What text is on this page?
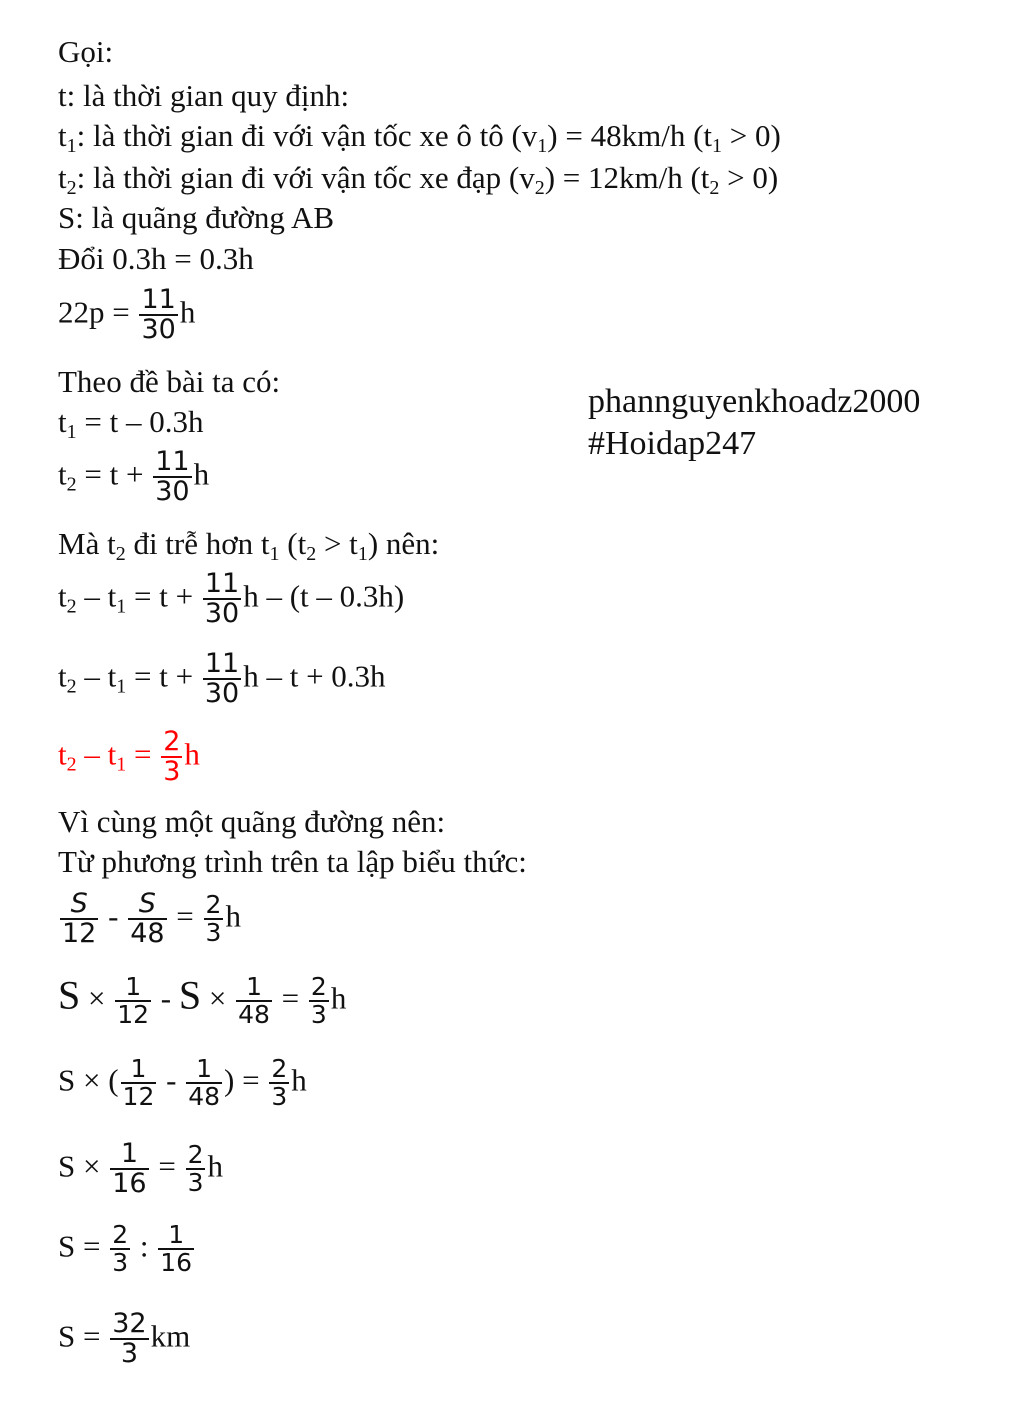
phannguyenkhoadz2000
#Hoidap247
Gọi:
t: là thời gian quy định:
$t_1$: là thời gian đi với vận tốc xe ô tô $(v_1) = 48km/h$ $(t_1 > 0)$
$t_2$: là thời gian đi với vận tốc xe đạp $(v_2) = 12km/h$ $(t_2 > 0)$
S: là quãng đường AB
Đổi 0.3h = 0.3h
$22p = \frac{11}{30}$ h
Theo đề bài ta có:
$t_1 = t - 0.3h$
$t_2 = t + \frac{11}{30}$ h
Mà $t_2$ đi trễ hơn $t_1$ $(t_2 > t_1)$ nên:
$t_2 - t_1 = t + \frac{11}{30}$ h – (t – 0.3h)
$t_2 - t_1 = t + \frac{11}{30}$ h – t + 0.3h
$t_2 - t_1 = \frac{2}{3}$ h
Vì cùng một quãng đường nên:
Từ phương trình trên ta lập biểu thức:
$\frac{S}{12} - \frac{S}{48} = \frac{2}{3}$ h
$S \times \frac{1}{12} - S \times \frac{1}{48} = \frac{2}{3}$ h
S × ( $\frac{1}{12} - \frac{1}{48}$ ) = $\frac{2}{3}$ h
$S \times \frac{1}{16} = \frac{2}{3}$ h
$S = \frac{2}{3}$ : $\frac{1}{16}$
$S = \frac{32}{3}$ km
